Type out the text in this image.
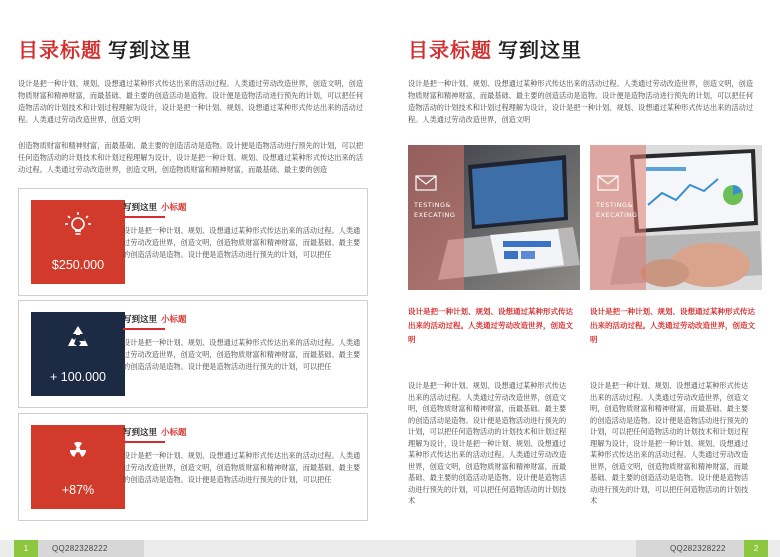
目录标题 写到这里
设计是把一种计划、规划、设想通过某种形式传达出来的活动过程。人类通过劳动改造世界，创造文明，创造物质财富和精神财富，而最基础、最主要的创造活动是造物。设计便是造物活动进行预先的计划，可以把任何造物活动的计划技术和计划过程理解为设计，设计是把一种计划、规划、设想通过某种形式传达出来的活动过程。人类通过劳动改造世界，创造文明
创造物质财富和精神财富，而最基础、最主要的创造活动是造物。设计便是造物活动进行预先的计划，可以把任何造物活动的计划技术和计划过程理解为设计，设计是把一种计划、规划、设想通过某种形式传达出来的活动过程。人类通过劳动改造世界，创造文明，创造物质财富和精神财富，而最基础、最主要的创造
$250.000
写到这里 小标题
设计是把一种计划、规划、设想通过某种形式传达出来的活动过程。人类通过劳动改造世界，创造文明，创造物质财富和精神财富，而最基础、最主要的创造活动是造物。设计便是造物活动进行预先的计划，可以把任
+ 100.000
写到这里 小标题
设计是把一种计划、规划、设想通过某种形式传达出来的活动过程。人类通过劳动改造世界，创造文明，创造物质财富和精神财富，而最基础、最主要的创造活动是造物。设计便是造物活动进行预先的计划，可以把任
+87%
写到这里 小标题
设计是把一种计划、规划、设想通过某种形式传达出来的活动过程。人类通过劳动改造世界，创造文明，创造物质财富和精神财富，而最基础、最主要的创造活动是造物。设计便是造物活动进行预先的计划，可以把任
1	QQ282328222
目录标题 写到这里
设计是把一种计划、规划、设想通过某种形式传达出来的活动过程。人类通过劳动改造世界，创造文明，创造物质财富和精神财富，而最基础、最主要的创造活动是造物。设计便是造物活动进行预先的计划，可以把任何造物活动的计划技术和计划过程理解为设计，设计是把一种计划、规划、设想通过某种形式传达出来的活动过程。人类通过劳动改造世界，创造文明
TESTING&
EXECATING
TESTING&
EXECATING
设计是把一种计划、规划、设想通过某种形式传达出来的活动过程。人类通过劳动改造世界，创造文明
设计是把一种计划、规划、设想通过某种形式传达出来的活动过程。人类通过劳动改造世界，创造文明
设计是把一种计划、规划、设想通过某种形式传达出来的活动过程。人类通过劳动改造世界，创造文明，创造物质财富和精神财富，而最基础、最主要的创造活动是造物。设计便是造物活动进行预先的计划，可以把任何造物活动的计划技术和计划过程理解为设计，设计是把一种计划、规划、设想通过某种形式传达出来的活动过程。人类通过劳动改造世界，创造文明，创造物质财富和精神财富，而最基础、最主要的创造活动是造物。设计便是造物活动进行预先的计划，可以把任何造物活动的计划技术
设计是把一种计划、规划、设想通过某种形式传达出来的活动过程。人类通过劳动改造世界，创造文明，创造物质财富和精神财富，而最基础、最主要的创造活动是造物。设计便是造物活动进行预先的计划，可以把任何造物活动的计划技术和计划过程理解为设计，设计是把一种计划、规划、设想通过某种形式传达出来的活动过程。人类通过劳动改造世界，创造文明，创造物质财富和精神财富，而最基础、最主要的创造活动是造物。设计便是造物活动进行预先的计划，可以把任何造物活动的计划技术
QQ282328222	2
